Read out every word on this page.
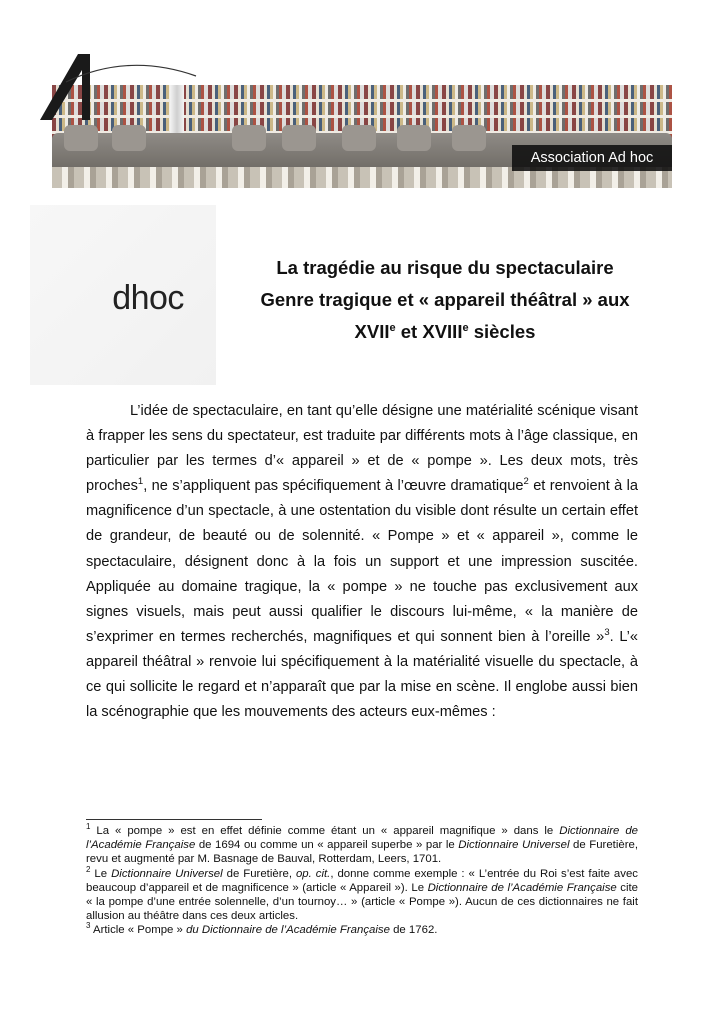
Association Ad hoc
dhoc
La tragédie au risque du spectaculaire
Genre tragique et « appareil théâtral » aux
XVIIe et XVIIIe siècles

L’idée de spectaculaire, en tant qu’elle désigne une matérialité scénique visant à frapper les sens du spectateur, est traduite par différents mots à l’âge classique, en particulier par les termes d’« appareil » et de « pompe ». Les deux mots, très proches$^1$, ne s’appliquent pas spécifiquement à l’œuvre dramatique$^2$ et renvoient à la magnificence d’un spectacle, à une ostentation du visible dont résulte un certain effet de grandeur, de beauté ou de solennité. « Pompe » et « appareil », comme le spectaculaire, désignent donc à la fois un support et une impression suscitée. Appliquée au domaine tragique, la « pompe » ne touche pas exclusivement aux signes visuels, mais peut aussi qualifier le discours lui-même, « la manière de s’exprimer en termes recherchés, magnifiques et qui sonnent bien à l’oreille »$^3$. L’« appareil théâtral » renvoie lui spécifiquement à la matérialité visuelle du spectacle, à ce qui sollicite le regard et n’apparaît que par la mise en scène. Il englobe aussi bien la scénographie que les mouvements des acteurs eux-mêmes :

$^1$ La « pompe » est en effet définie comme étant un « appareil magnifique » dans le Dictionnaire de l’Académie Française de 1694 ou comme un « appareil superbe » par le Dictionnaire Universel de Furetière, revu et augmenté par M. Basnage de Bauval, Rotterdam, Leers, 1701.

$^2$ Le Dictionnaire Universel de Furetière, op. cit., donne comme exemple : « L’entrée du Roi s’est faite avec beaucoup d’appareil et de magnificence » (article « Appareil »). Le Dictionnaire de l’Académie Française cite « la pompe d’une entrée solennelle, d’un tournoy… » (article « Pompe »). Aucun de ces dictionnaires ne fait allusion au théâtre dans ces deux articles.

$^3$ Article « Pompe » du Dictionnaire de l’Académie Française de 1762.
